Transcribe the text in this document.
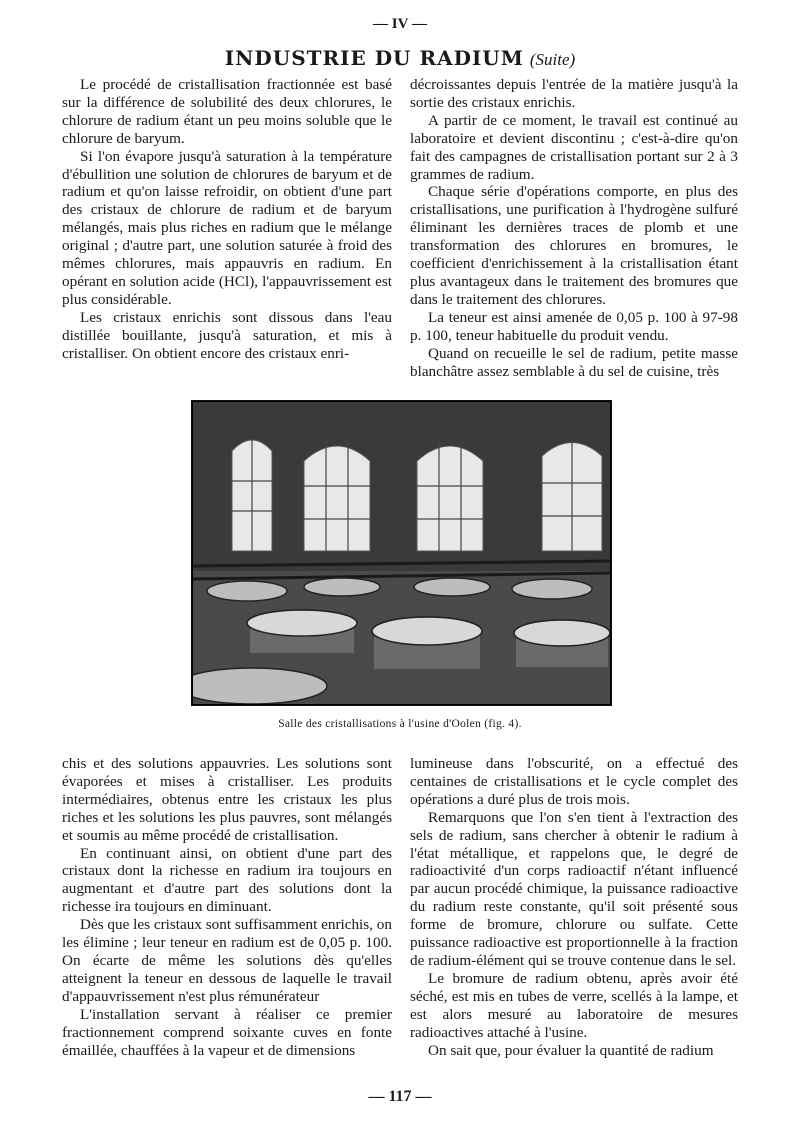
— IV —
INDUSTRIE DU RADIUM (Suite)

Le procédé de cristallisation fractionnée est basé sur la différence de solubilité des deux chlorures, le chlorure de radium étant un peu moins soluble que le chlorure de baryum.

Si l'on évapore jusqu'à saturation à la température d'ébullition une solution de chlorures de baryum et de radium et qu'on laisse refroidir, on obtient d'une part des cristaux de chlorure de radium et de baryum mélangés, mais plus riches en radium que le mélange original ; d'autre part, une solution saturée à froid des mêmes chlorures, mais appauvris en radium. En opérant en solution acide (HCl), l'appauvrissement est plus considérable.

Les cristaux enrichis sont dissous dans l'eau distillée bouillante, jusqu'à saturation, et mis à cristalliser. On obtient encore des cristaux enri-

décroissantes depuis l'entrée de la matière jusqu'à la sortie des cristaux enrichis.

A partir de ce moment, le travail est continué au laboratoire et devient discontinu ; c'est-à-dire qu'on fait des campagnes de cristallisation portant sur 2 à 3 grammes de radium.

Chaque série d'opérations comporte, en plus des cristallisations, une purification à l'hydrogène sulfuré éliminant les dernières traces de plomb et une transformation des chlorures en bromures, le coefficient d'enrichissement à la cristallisation étant plus avantageux dans le traitement des bromures que dans le traitement des chlorures.

La teneur est ainsi amenée de 0,05 p. 100 à 97-98 p. 100, teneur habituelle du produit vendu.

Quand on recueille le sel de radium, petite masse blanchâtre assez semblable à du sel de cuisine, très

Salle des cristallisations à l'usine d'Oolen (fig. 4).

chis et des solutions appauvries. Les solutions sont évaporées et mises à cristalliser. Les produits intermédiaires, obtenus entre les cristaux les plus riches et les solutions les plus pauvres, sont mélangés et soumis au même procédé de cristallisation.

En continuant ainsi, on obtient d'une part des cristaux dont la richesse en radium ira toujours en augmentant et d'autre part des solutions dont la richesse ira toujours en diminuant.

Dès que les cristaux sont suffisamment enrichis, on les élimine ; leur teneur en radium est de 0,05 p. 100. On écarte de même les solutions dès qu'elles atteignent la teneur en dessous de laquelle le travail d'appauvrissement n'est plus rémunérateur

L'installation servant à réaliser ce premier fractionnement comprend soixante cuves en fonte émaillée, chauffées à la vapeur et de dimensions

lumineuse dans l'obscurité, on a effectué des centaines de cristallisations et le cycle complet des opérations a duré plus de trois mois.

Remarquons que l'on s'en tient à l'extraction des sels de radium, sans chercher à obtenir le radium à l'état métallique, et rappelons que, le degré de radioactivité d'un corps radioactif n'étant influencé par aucun procédé chimique, la puissance radioactive du radium reste constante, qu'il soit présenté sous forme de bromure, chlorure ou sulfate. Cette puissance radioactive est proportionnelle à la fraction de radium-élément qui se trouve contenue dans le sel.

Le bromure de radium obtenu, après avoir été séché, est mis en tubes de verre, scellés à la lampe, et est alors mesuré au laboratoire de mesures radioactives attaché à l'usine.

On sait que, pour évaluer la quantité de radium

— 117 —
